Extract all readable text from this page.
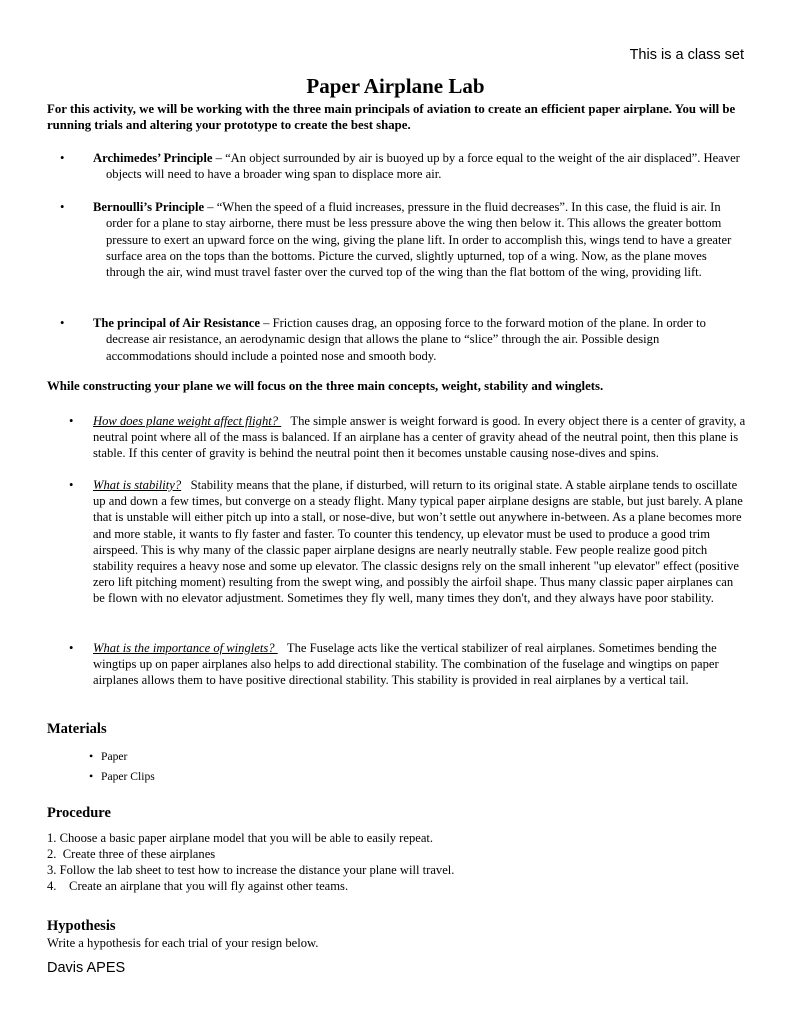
This is a class set
Paper Airplane Lab
For this activity, we will be working with the three main principals of aviation to create an efficient paper airplane. You will be running trials and altering your prototype to create the best shape.
• Archimedes’ Principle – “An object surrounded by air is buoyed up by a force equal to the weight of the air displaced”. Heaver objects will need to have a broader wing span to displace more air.
• Bernoulli’s Principle – “When the speed of a fluid increases, pressure in the fluid decreases”. In this case, the fluid is air. In order for a plane to stay airborne, there must be less pressure above the wing then below it. This allows the greater bottom pressure to exert an upward force on the wing, giving the plane lift. In order to accomplish this, wings tend to have a greater surface area on the tops than the bottoms. Picture the curved, slightly upturned, top of a wing. Now, as the plane moves through the air, wind must travel faster over the curved top of the wing than the flat bottom of the wing, providing lift.
• The principal of Air Resistance – Friction causes drag, an opposing force to the forward motion of the plane. In order to decrease air resistance, an aerodynamic design that allows the plane to “slice” through the air. Possible design accommodations should include a pointed nose and smooth body.
While constructing your plane we will focus on the three main concepts, weight, stability and winglets.
• How does plane weight affect flight?    The simple answer is weight forward is good. In every object there is a center of gravity, a neutral point where all of the mass is balanced. If an airplane has a center of gravity ahead of the neutral point, then this plane is stable. If this center of gravity is behind the neutral point then it becomes unstable causing nose-dives and spins.
• What is stability?   Stability means that the plane, if disturbed, will return to its original state. A stable airplane tends to oscillate up and down a few times, but converge on a steady flight. Many typical paper airplane designs are stable, but just barely. A plane that is unstable will either pitch up into a stall, or nose-dive, but won’t settle out anywhere in-between. As a plane becomes more and more stable, it wants to fly faster and faster. To counter this tendency, up elevator must be used to produce a good trim airspeed. This is why many of the classic paper airplane designs are nearly neutrally stable. Few people realize good pitch stability requires a heavy nose and some up elevator. The classic designs rely on the small inherent "up elevator" effect (positive zero lift pitching moment) resulting from the swept wing, and possibly the airfoil shape. Thus many classic paper airplanes can be flown with no elevator adjustment. Sometimes they fly well, many times they don't, and they always have poor stability.
• What is the importance of winglets?    The Fuselage acts like the vertical stabilizer of real airplanes. Sometimes bending the wingtips up on paper airplanes also helps to add directional stability. The combination of the fuselage and wingtips on paper airplanes allows them to have positive directional stability. This stability is provided in real airplanes by a vertical tail.
Materials
• Paper
• Paper Clips
Procedure
1. Choose a basic paper airplane model that you will be able to easily repeat.
2.  Create three of these airplanes
3. Follow the lab sheet to test how to increase the distance your plane will travel.
4.    Create an airplane that you will fly against other teams.
Hypothesis
Write a hypothesis for each trial of your resign below.
Davis APES
